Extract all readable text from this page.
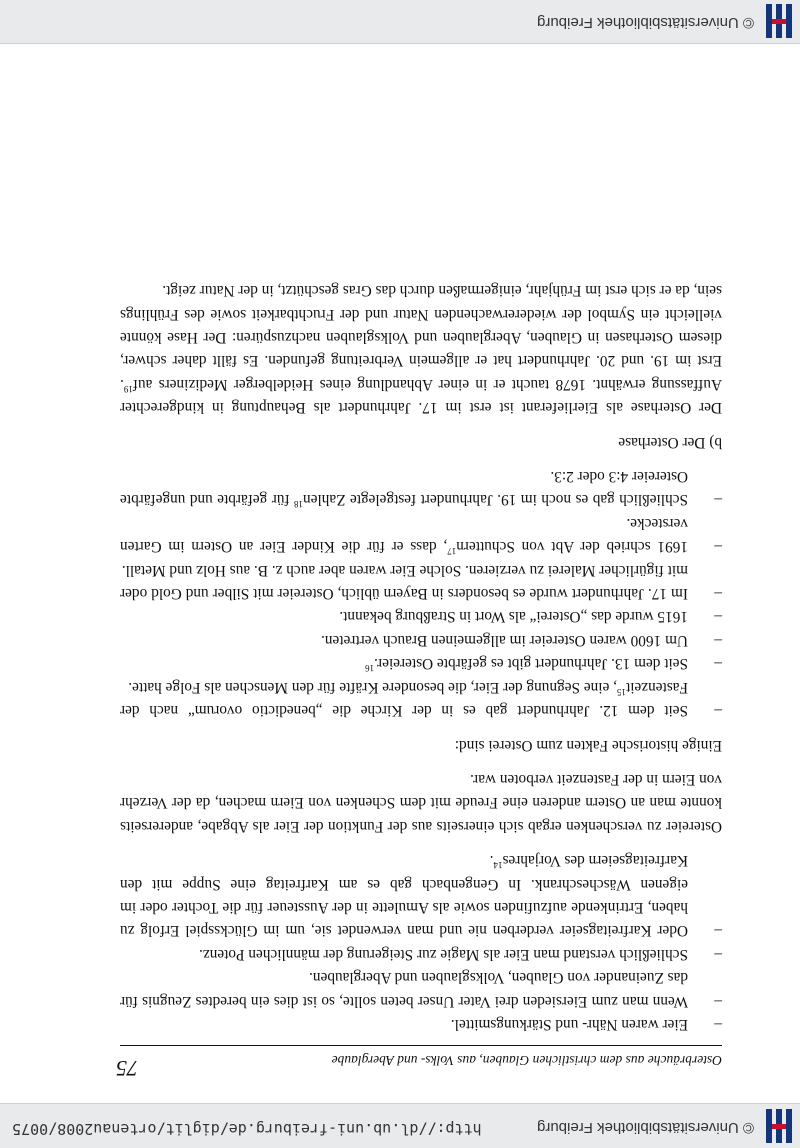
© Universitätsbibliothek Freiburg
http://dl.ub.uni-freiburg.de/diglit/ortenau2008/0075
Osterbräuche aus dem christlichen Glauben, aus Volks- und Aberglaube
75

–
Eier waren Nähr- und Stärkungsmittel.

–
Wenn man zum Eiersieden drei Vater Unser beten sollte, so ist dies ein beredtes Zeugnis für das Zueinander von Glauben, Volksglauben und Aberglauben.

–
Schließlich verstand man Eier als Magie zur Steigerung der männlichen Potenz.

–
Oder Karfreitagseier verderben nie und man verwendet sie, um im Glücksspiel Erfolg zu haben, Ertrinkende aufzufinden sowie als Amulette in der Aussteuer für die Tochter oder im eigenen Wäscheschrank. In Gengenbach gab es am Karfreitag eine Suppe mit den Karfreitagseiern des Vorjahres$^{14}$.

Ostereier zu verschenken ergab sich einerseits aus der Funktion der Eier als Abgabe, andererseits konnte man an Ostern anderen eine Freude mit dem Schenken von Eiern machen, da der Verzehr von Eiern in der Fastenzeit verboten war.

Einige historische Fakten zum Osterei sind:

–
Seit dem 12. Jahrhundert gab es in der Kirche die „benedictio ovorum“ nach der Fastenzeit$^{15}$, eine Segnung der Eier, die besondere Kräfte für den Menschen als Folge hatte.

–
Seit dem 13. Jahrhundert gibt es gefärbte Ostereier.$^{16}$

–
Um 1600 waren Ostereier im allgemeinen Brauch vertreten.

–
1615 wurde das „Osterei“ als Wort in Straßburg bekannt.

–
Im 17. Jahrhundert wurde es besonders in Bayern üblich, Ostereier mit Silber und Gold oder mit figürlicher Malerei zu verzieren. Solche Eier waren aber auch z. B. aus Holz und Metall.

–
1691 schrieb der Abt von Schuttern$^{17}$, dass er für die Kinder Eier an Ostern im Garten verstecke.

–
Schließlich gab es noch im 19. Jahrhundert festgelegte Zahlen$^{18}$ für gefärbte und ungefärbte Ostereier 4:3 oder 2:3.

b) Der Osterhase

Der Osterhase als Eierlieferant ist erst im 17. Jahrhundert als Behauptung in kindgerechter Auffassung erwähnt. 1678 taucht er in einer Abhandlung eines Heidelberger Mediziners auf$^{19}$. Erst im 19. und 20. Jahrhundert hat er allgemein Verbreitung gefunden. Es fällt daher schwer, diesem Osterhasen in Glauben, Aberglauben und Volksglauben nachzuspüren: Der Hase könnte vielleicht ein Symbol der wiedererwachenden Natur und der Fruchtbarkeit sowie des Frühlings sein, da er sich erst im Frühjahr, einigermaßen durch das Gras geschützt, in der Natur zeigt.

© Universitätsbibliothek Freiburg
